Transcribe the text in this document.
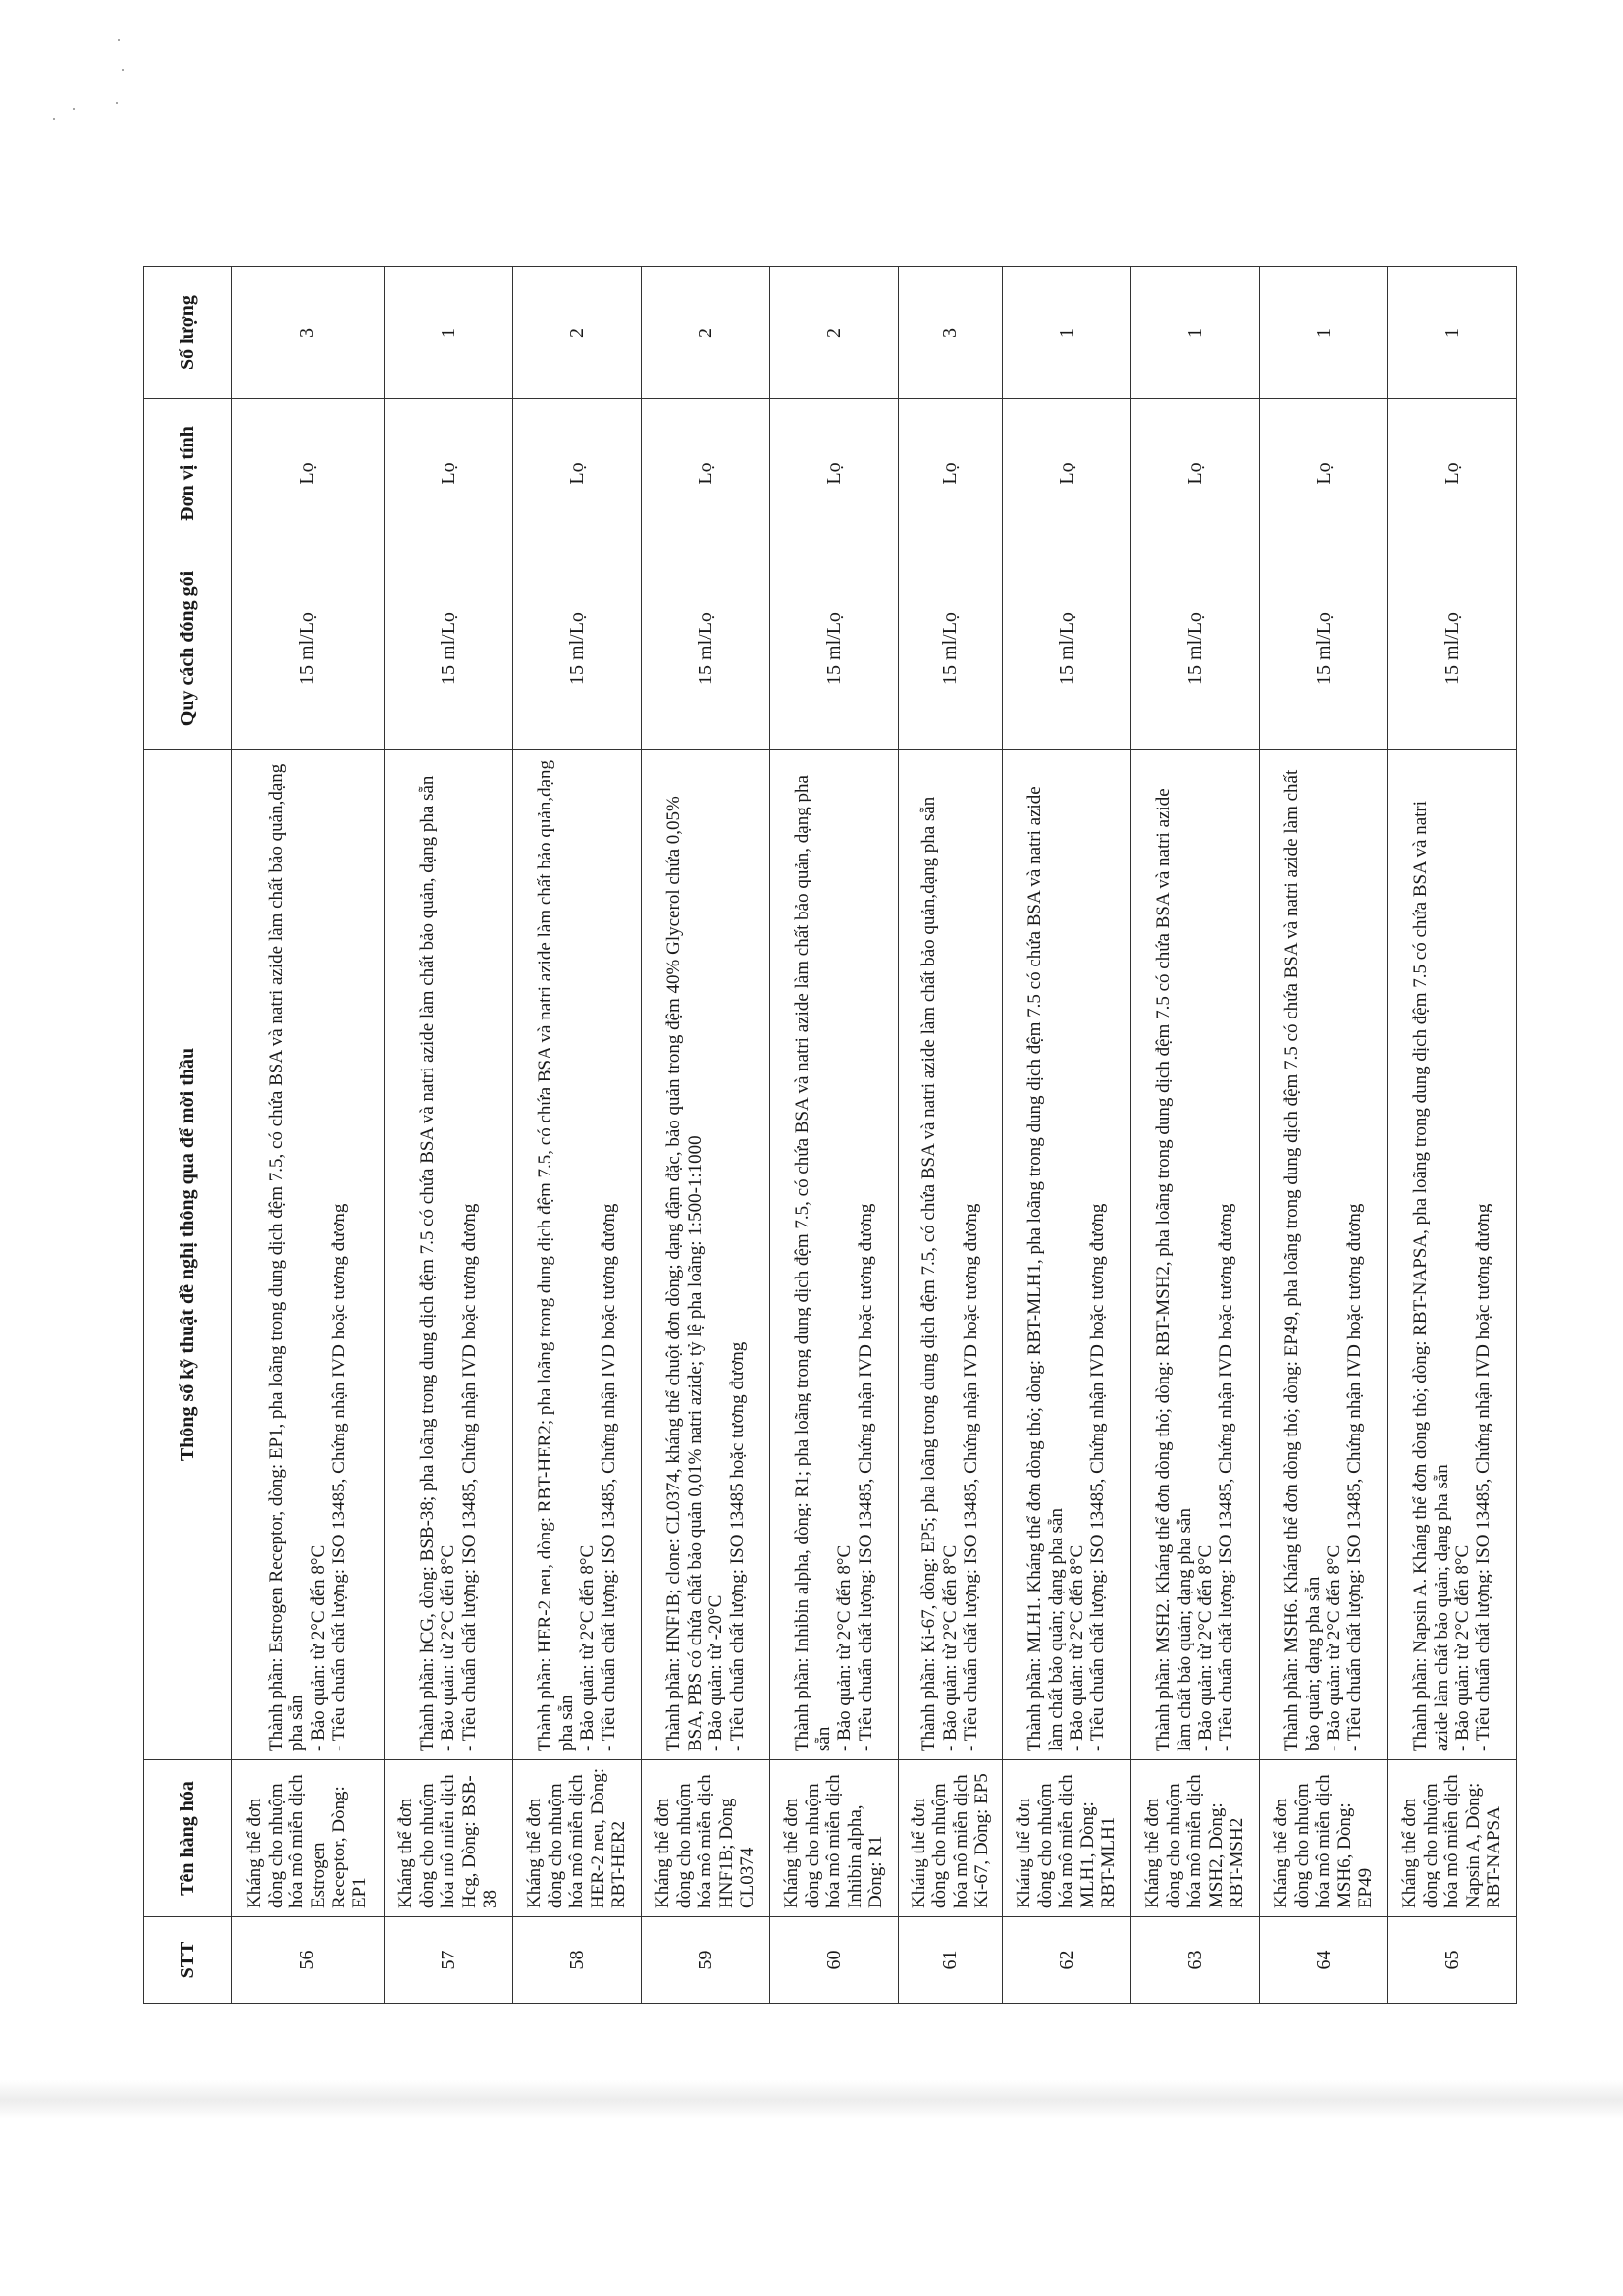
STT	Tên hàng hóa	Thông số kỹ thuật đề nghị thông qua để mời thầu	Quy cách đóng gói	Đơn vị tính	Số lượng
56	Kháng thể đơn dòng cho nhuộm hóa mô miễn dịch Estrogen Receptor, Dòng: EP1	Thành phần: Estrogen Receptor, dòng: EP1, pha loãng trong dung dịch đệm 7.5, có chứa BSA và natri azide làm chất bảo quản,dạng pha sẵn - Bảo quản: từ 2°C đến 8°C - Tiêu chuẩn chất lượng: ISO 13485, Chứng nhận IVD hoặc tương đương	15 ml/Lọ	Lọ	3
57	Kháng thể đơn dòng cho nhuộm hóa mô miễn dịch Hcg, Dòng: BSB-38	Thành phần: hCG, dòng: BSB-38; pha loãng trong dung dịch đệm 7.5 có chứa BSA và natri azide làm chất bảo quản, dạng pha sẵn - Bảo quản: từ 2°C đến 8°C - Tiêu chuẩn chất lượng: ISO 13485, Chứng nhận IVD hoặc tương đương	15 ml/Lọ	Lọ	1
58	Kháng thể đơn dòng cho nhuộm hóa mô miễn dịch HER-2 neu, Dòng: RBT-HER2	Thành phần: HER-2 neu, dòng: RBT-HER2; pha loãng trong dung dịch đệm 7.5, có chứa BSA và natri azide làm chất bảo quản,dạng pha sẵn - Bảo quản: từ 2°C đến 8°C - Tiêu chuẩn chất lượng: ISO 13485, Chứng nhận IVD hoặc tương đương	15 ml/Lọ	Lọ	2
59	Kháng thể đơn dòng cho nhuộm hóa mô miễn dịch HNF1B; Dòng CL0374	Thành phần: HNF1B; clone: CL0374, kháng thể chuột đơn dòng; dạng đậm đặc, bảo quản trong đệm 40% Glycerol chứa 0,05% BSA, PBS có chứa chất bảo quản 0,01% natri azide; tỷ lệ pha loãng: 1:500-1:1000 - Bảo quản: từ -20°C - Tiêu chuẩn chất lượng: ISO 13485 hoặc tương đương	15 ml/Lọ	Lọ	2
60	Kháng thể đơn dòng cho nhuộm hóa mô miễn dịch Inhibin alpha, Dòng: R1	Thành phần: Inhibin alpha, dòng: R1; pha loãng trong dung dịch đệm 7.5, có chứa BSA và natri azide làm chất bảo quản, dạng pha sẵn - Bảo quản: từ 2°C đến 8°C - Tiêu chuẩn chất lượng: ISO 13485, Chứng nhận IVD hoặc tương đương	15 ml/Lọ	Lọ	2
61	Kháng thể đơn dòng cho nhuộm hóa mô miễn dịch Ki-67, Dòng: EP5	Thành phần: Ki-67, dòng: EP5; pha loãng trong dung dịch đệm 7.5, có chứa BSA và natri azide làm chất bảo quản,dạng pha sẵn - Bảo quản: từ 2°C đến 8°C - Tiêu chuẩn chất lượng: ISO 13485, Chứng nhận IVD hoặc tương đương	15 ml/Lọ	Lọ	3
62	Kháng thể đơn dòng cho nhuộm hóa mô miễn dịch MLH1, Dòng: RBT-MLH1	Thành phần: MLH1. Kháng thể đơn dòng thỏ; dòng: RBT-MLH1, pha loãng trong dung dịch đệm 7.5 có chứa BSA và natri azide làm chất bảo quản; dạng pha sẵn - Bảo quản: từ 2°C đến 8°C - Tiêu chuẩn chất lượng: ISO 13485, Chứng nhận IVD hoặc tương đương	15 ml/Lọ	Lọ	1
63	Kháng thể đơn dòng cho nhuộm hóa mô miễn dịch MSH2, Dòng: RBT-MSH2	Thành phần: MSH2. Kháng thể đơn dòng thỏ; dòng: RBT-MSH2, pha loãng trong dung dịch đệm 7.5 có chứa BSA và natri azide làm chất bảo quản; dạng pha sẵn - Bảo quản: từ 2°C đến 8°C - Tiêu chuẩn chất lượng: ISO 13485, Chứng nhận IVD hoặc tương đương	15 ml/Lọ	Lọ	1
64	Kháng thể đơn dòng cho nhuộm hóa mô miễn dịch MSH6, Dòng: EP49	Thành phần: MSH6. Kháng thể đơn dòng thỏ; dòng: EP49, pha loãng trong dung dịch đệm 7.5 có chứa BSA và natri azide làm chất bảo quản; dạng pha sẵn - Bảo quản: từ 2°C đến 8°C - Tiêu chuẩn chất lượng: ISO 13485, Chứng nhận IVD hoặc tương đương	15 ml/Lọ	Lọ	1
65	Kháng thể đơn dòng cho nhuộm hóa mô miễn dịch Napsin A, Dòng: RBT-NAPSA	Thành phần: Napsin A. Kháng thể đơn dòng thỏ; dòng: RBT-NAPSA, pha loãng trong dung dịch đệm 7.5 có chứa BSA và natri azide làm chất bảo quản; dạng pha sẵn - Bảo quản: từ 2°C đến 8°C - Tiêu chuẩn chất lượng: ISO 13485, Chứng nhận IVD hoặc tương đương	15 ml/Lọ	Lọ	1
